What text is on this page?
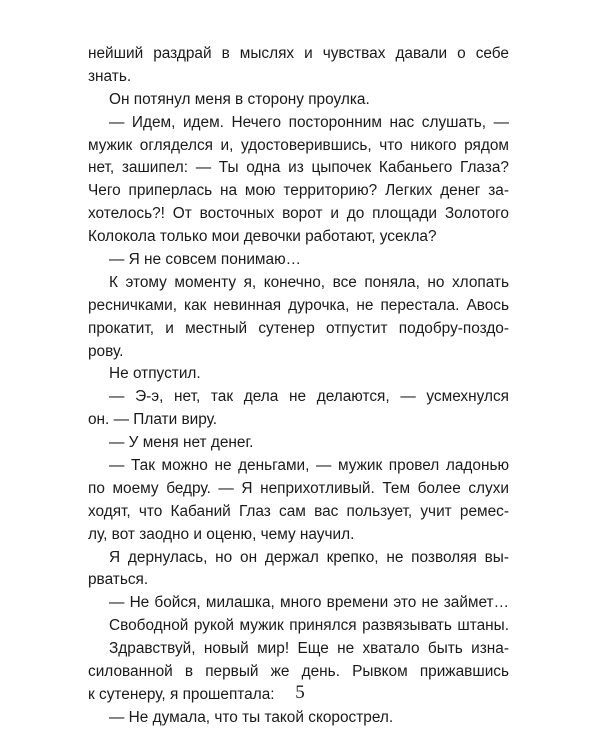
нейший раздрай в мыслях и чувствах давали о себе
знать.
Он потянул меня в сторону проулка.
— Идем, идем. Нечего посторонним нас слушать, —
мужик огляделся и, удостоверившись, что никого рядом
нет, зашипел: — Ты одна из цыпочек Кабаньего Глаза?
Чего приперлась на мою территорию? Легких денег за-
хотелось?! От восточных ворот и до площади Золотого
Колокола только мои девочки работают, усекла?
— Я не совсем понимаю…
К этому моменту я, конечно, все поняла, но хлопать
ресничками, как невинная дурочка, не перестала. Авось
прокатит, и местный сутенер отпустит подобру-поздо-
рову.
Не отпустил.
— Э-э, нет, так дела не делаются, — усмехнулся
он. — Плати виру.
— У меня нет денег.
— Так можно не деньгами, — мужик провел ладонью
по моему бедру. — Я неприхотливый. Тем более слухи
ходят, что Кабаний Глаз сам вас пользует, учит ремес-
лу, вот заодно и оценю, чему научил.
Я дернулась, но он держал крепко, не позволяя вы-
рваться.
— Не бойся, милашка, много времени это не займет…
Свободной рукой мужик принялся развязывать штаны.
Здравствуй, новый мир! Еще не хватало быть изна-
силованной в первый же день. Рывком прижавшись
к сутенеру, я прошептала:
— Не думала, что ты такой скорострел.
5
